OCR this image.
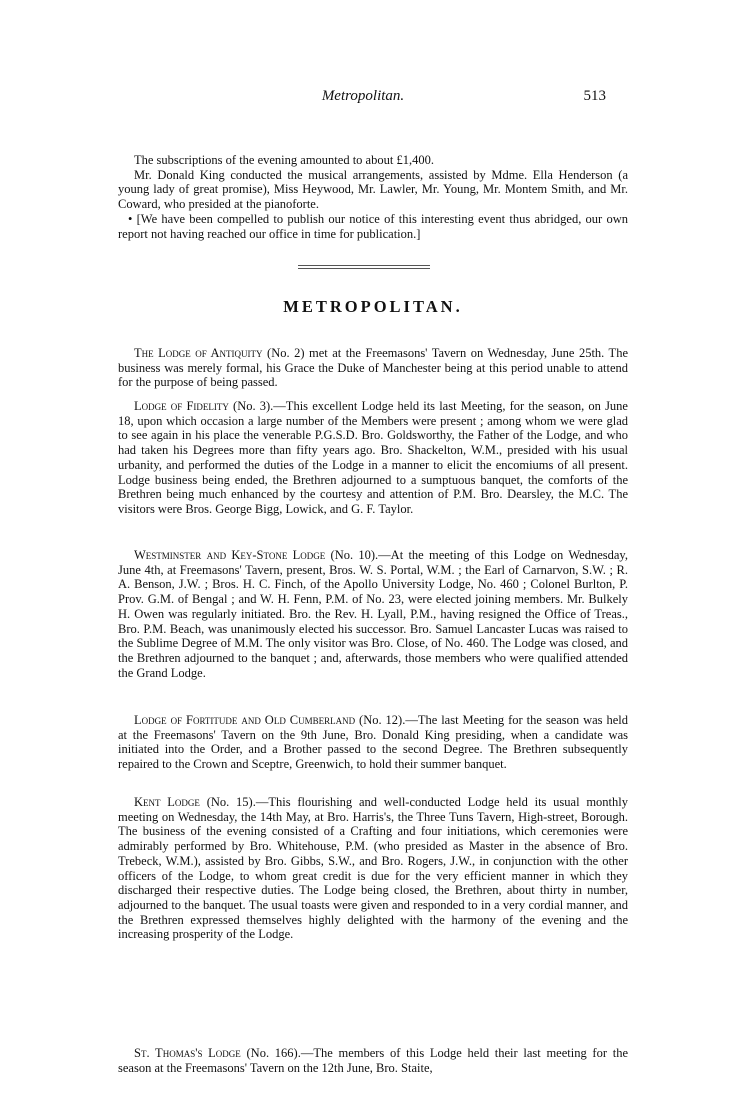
Metropolitan.	513

The subscriptions of the evening amounted to about £1,400.

Mr. Donald King conducted the musical arrangements, assisted by Mdme. Ella Henderson (a young lady of great promise), Miss Heywood, Mr. Lawler, Mr. Young, Mr. Montem Smith, and Mr. Coward, who presided at the pianoforte.

• [We have been compelled to publish our notice of this interesting event thus abridged, our own report not having reached our office in time for publication.]

METROPOLITAN.

The Lodge of Antiquity (No. 2) met at the Freemasons' Tavern on Wednesday, June 25th. The business was merely formal, his Grace the Duke of Manchester being at this period unable to attend for the purpose of being passed.

Lodge of Fidelity (No. 3).—This excellent Lodge held its last Meeting, for the season, on June 18, upon which occasion a large number of the Members were present ; among whom we were glad to see again in his place the venerable P.G.S.D. Bro. Goldsworthy, the Father of the Lodge, and who had taken his Degrees more than fifty years ago. Bro. Shackelton, W.M., presided with his usual urbanity, and performed the duties of the Lodge in a manner to elicit the encomiums of all present. Lodge business being ended, the Brethren adjourned to a sumptuous banquet, the comforts of the Brethren being much enhanced by the courtesy and attention of P.M. Bro. Dearsley, the M.C. The visitors were Bros. George Bigg, Lowick, and G. F. Taylor.

Westminster and Key-Stone Lodge (No. 10).—At the meeting of this Lodge on Wednesday, June 4th, at Freemasons' Tavern, present, Bros. W. S. Portal, W.M. ; the Earl of Carnarvon, S.W. ; R. A. Benson, J.W. ; Bros. H. C. Finch, of the Apollo University Lodge, No. 460 ; Colonel Burlton, P. Prov. G.M. of Bengal ; and W. H. Fenn, P.M. of No. 23, were elected joining members. Mr. Bulkely H. Owen was regularly initiated. Bro. the Rev. H. Lyall, P.M., having resigned the Office of Treas., Bro. P.M. Beach, was unanimously elected his successor. Bro. Samuel Lancaster Lucas was raised to the Sublime Degree of M.M. The only visitor was Bro. Close, of No. 460. The Lodge was closed, and the Brethren adjourned to the banquet ; and, afterwards, those members who were qualified attended the Grand Lodge.

Lodge of Fortitude and Old Cumberland (No. 12).—The last Meeting for the season was held at the Freemasons' Tavern on the 9th June, Bro. Donald King presiding, when a candidate was initiated into the Order, and a Brother passed to the second Degree. The Brethren subsequently repaired to the Crown and Sceptre, Greenwich, to hold their summer banquet.

Kent Lodge (No. 15).—This flourishing and well-conducted Lodge held its usual monthly meeting on Wednesday, the 14th May, at Bro. Harris's, the Three Tuns Tavern, High-street, Borough. The business of the evening consisted of a Crafting and four initiations, which ceremonies were admirably performed by Bro. Whitehouse, P.M. (who presided as Master in the absence of Bro. Trebeck, W.M.), assisted by Bro. Gibbs, S.W., and Bro. Rogers, J.W., in conjunction with the other officers of the Lodge, to whom great credit is due for the very efficient manner in which they discharged their respective duties. The Lodge being closed, the Brethren, about thirty in number, adjourned to the banquet. The usual toasts were given and responded to in a very cordial manner, and the Brethren expressed themselves highly delighted with the harmony of the evening and the increasing prosperity of the Lodge.

St. Thomas's Lodge (No. 166).—The members of this Lodge held their last meeting for the season at the Freemasons' Tavern on the 12th June, Bro. Staite,
